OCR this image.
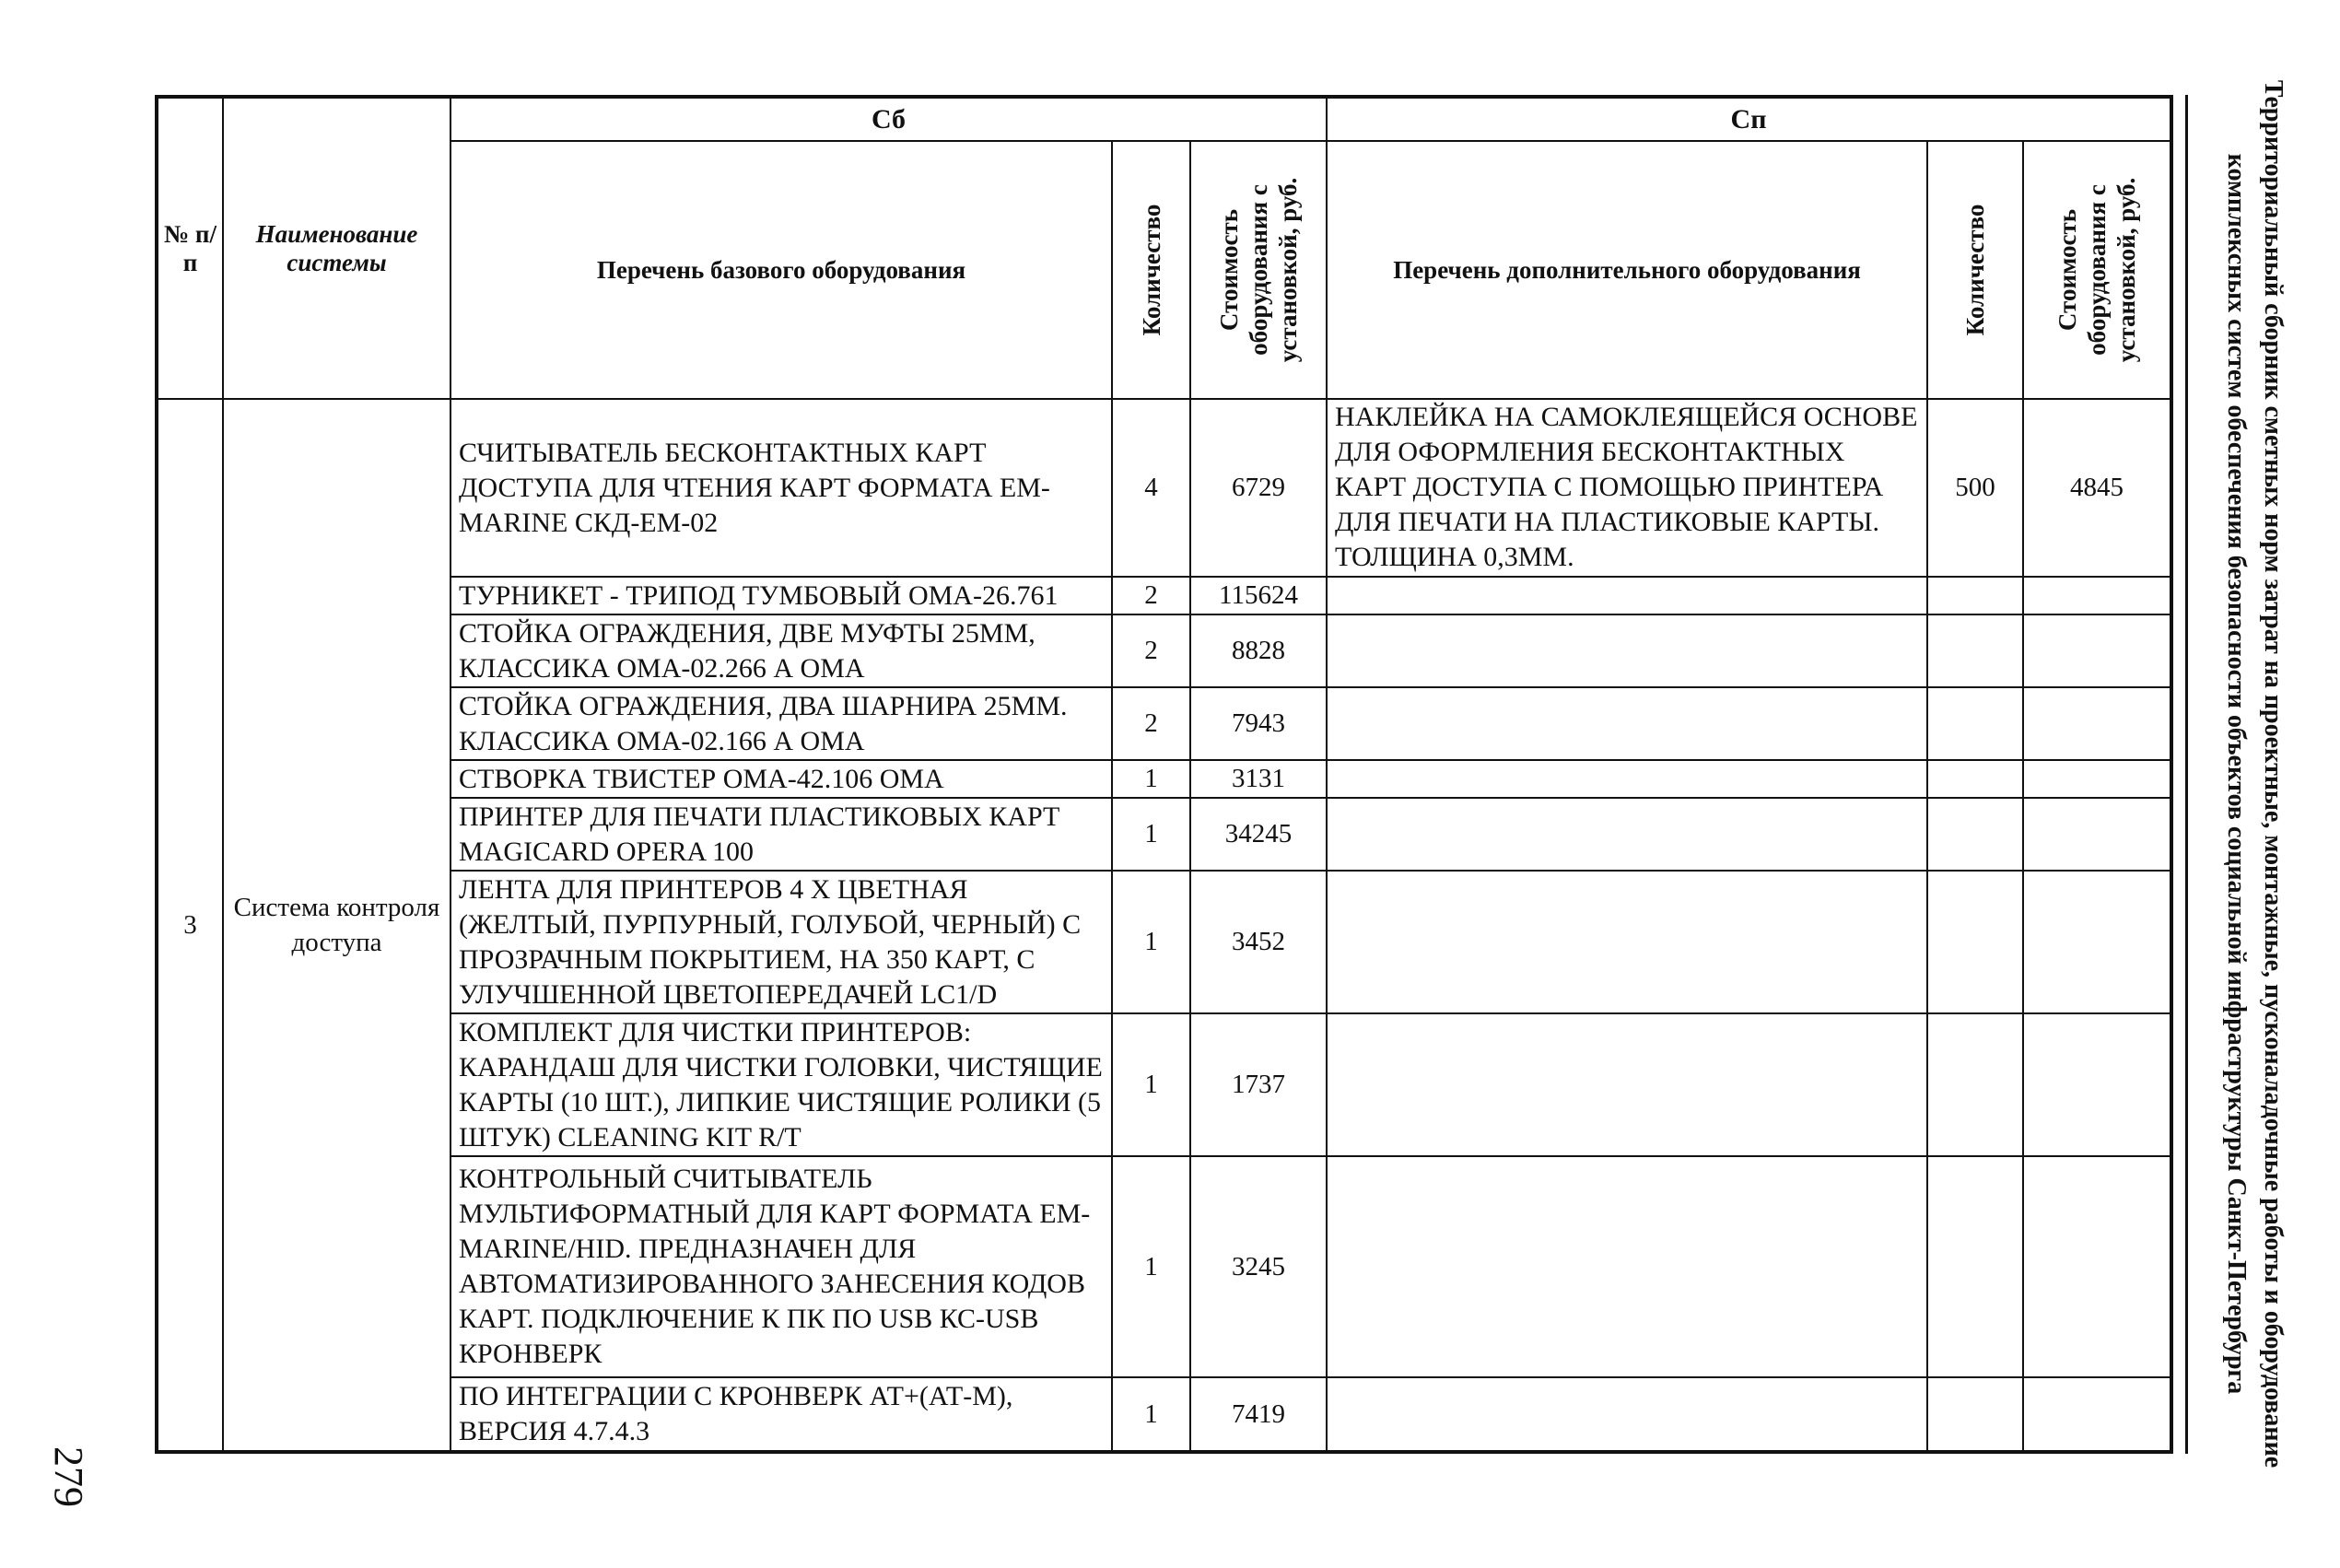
№ п/п	Наименование системы	Сб			Сп		
		Перечень базового оборудования	Количество	Стоимость оборудования с установкой, руб.	Перечень дополнительного оборудования	Количество	Стоимость оборудования с установкой, руб.

3	Система контроля доступа	СЧИТЫВАТЕЛЬ БЕСКОНТАКТНЫХ КАРТ ДОСТУПА ДЛЯ ЧТЕНИЯ КАРТ ФОРМАТА ЕМ-MARINE СКД-ЕМ-02	4	6729	НАКЛЕЙКА НА САМОКЛЕЯЩЕЙСЯ ОСНОВЕ ДЛЯ ОФОРМЛЕНИЯ БЕСКОНТАКТНЫХ КАРТ ДОСТУПА С ПОМОЩЬЮ ПРИНТЕРА ДЛЯ ПЕЧАТИ НА ПЛАСТИКОВЫЕ КАРТЫ. ТОЛЩИНА 0,3ММ.	500	4845
		ТУРНИКЕТ - ТРИПОД ТУМБОВЫЙ ОМА-26.761	2	115624			
		СТОЙКА ОГРАЖДЕНИЯ, ДВЕ МУФТЫ 25ММ, КЛАССИКА ОМА-02.266 А ОМА	2	8828			
		СТОЙКА ОГРАЖДЕНИЯ, ДВА ШАРНИРА 25ММ. КЛАССИКА ОМА-02.166 А ОМА	2	7943			
		СТВОРКА ТВИСТЕР ОМА-42.106 ОМА	1	3131			
		ПРИНТЕР ДЛЯ ПЕЧАТИ ПЛАСТИКОВЫХ КАРТ MAGICARD OPERA 100	1	34245			
		ЛЕНТА ДЛЯ ПРИНТЕРОВ 4 Х ЦВЕТНАЯ (ЖЕЛТЫЙ, ПУРПУРНЫЙ, ГОЛУБОЙ, ЧЕРНЫЙ) С ПРОЗРАЧНЫМ ПОКРЫТИЕМ, НА 350 КАРТ, С УЛУЧШЕННОЙ ЦВЕТОПЕРЕДАЧЕЙ LC1/D	1	3452			
		КОМПЛЕКТ ДЛЯ ЧИСТКИ ПРИНТЕРОВ: КАРАНДАШ ДЛЯ ЧИСТКИ ГОЛОВКИ, ЧИСТЯЩИЕ КАРТЫ (10 ШТ.), ЛИПКИЕ ЧИСТЯЩИЕ РОЛИКИ (5 ШТУК) CLEANING KIT R/T	1	1737			
		КОНТРОЛЬНЫЙ СЧИТЫВАТЕЛЬ МУЛЬТИФОРМАТНЫЙ ДЛЯ КАРТ ФОРМАТА EM-MARINE/HID. ПРЕДНАЗНАЧЕН ДЛЯ АВТОМАТИЗИРОВАННОГО ЗАНЕСЕНИЯ КОДОВ КАРТ. ПОДКЛЮЧЕНИЕ К ПК ПО USB КС-USB КРОНВЕРК	1	3245			
		ПО ИНТЕГРАЦИИ С КРОНВЕРК АТ+(АТ-М), ВЕРСИЯ 4.7.4.3	1	7419				Территориальный сборник сметных норм затрат на проектные, монтажные, пусконаладочные работы и оборудование
комплексных систем обеспечения безопасности объектов социальной инфраструктуры Санкт-Петербурга
279
